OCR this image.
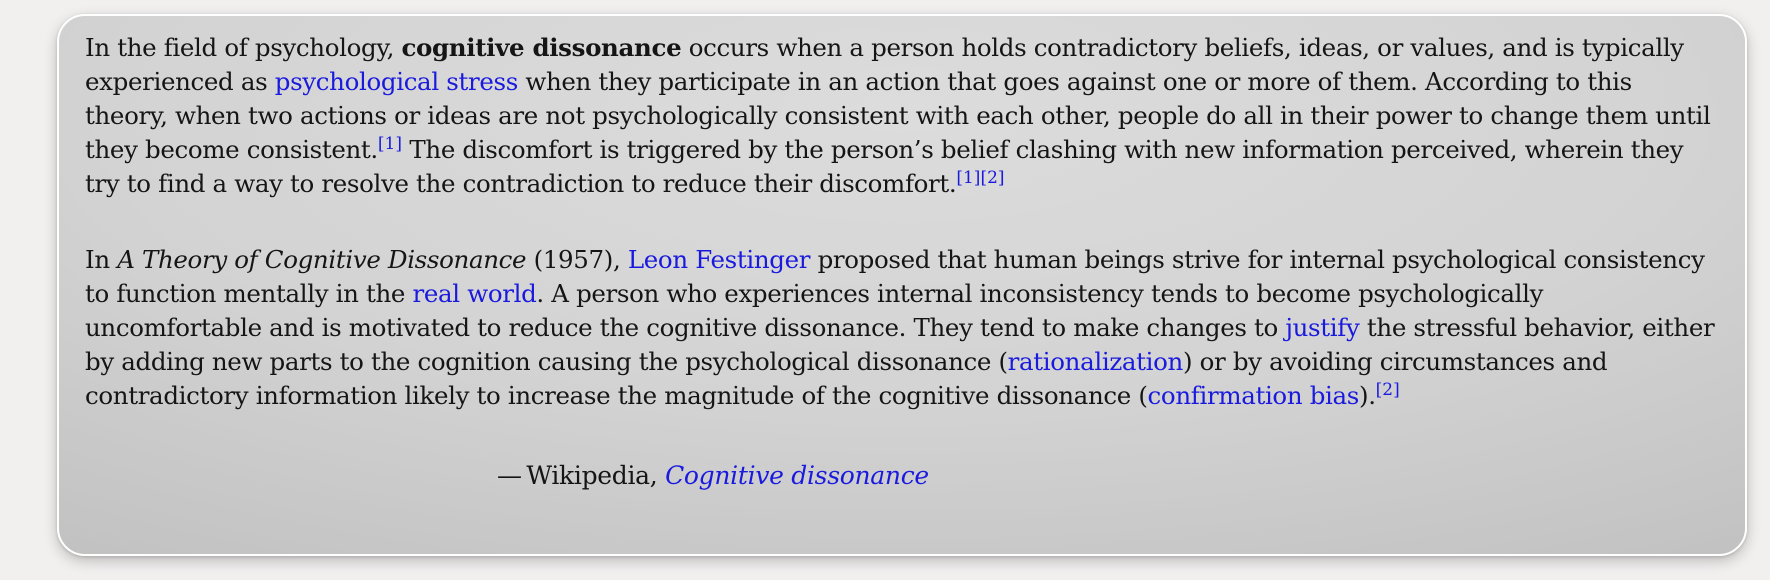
In the field of psychology, cognitive dissonance occurs when a person holds contradictory beliefs, ideas, or values, and is typically experienced as psychological stress when they participate in an action that goes against one or more of them. According to this theory, when two actions or ideas are not psychologically consistent with each other, people do all in their power to change them until they become consistent.[1] The discomfort is triggered by the person’s belief clashing with new information perceived, wherein they try to find a way to resolve the contradiction to reduce their discomfort.[1][2]

In A Theory of Cognitive Dissonance (1957), Leon Festinger proposed that human beings strive for internal psychological consistency to function mentally in the real world. A person who experiences internal inconsistency tends to become psychologically uncomfortable and is motivated to reduce the cognitive dissonance. They tend to make changes to justify the stressful behavior, either by adding new parts to the cognition causing the psychological dissonance (rationalization) or by avoiding circumstances and contradictory information likely to increase the magnitude of the cognitive dissonance (confirmation bias).[2]

— Wikipedia, Cognitive dissonance
